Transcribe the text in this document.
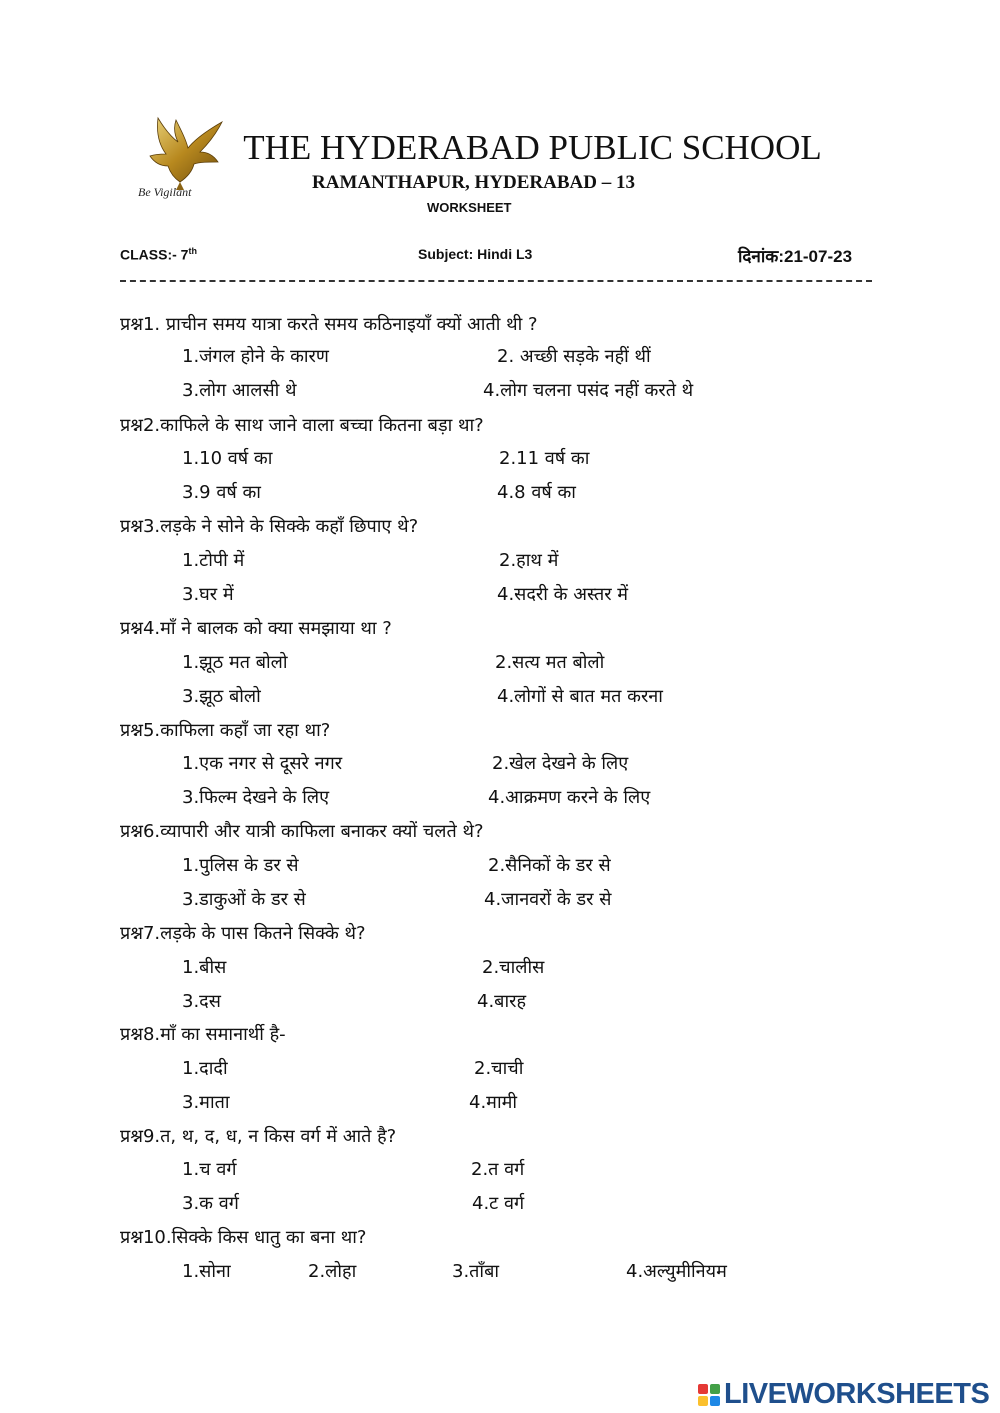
Be Vigilant
THE HYDERABAD PUBLIC SCHOOL
RAMANTHAPUR, HYDERABAD – 13
WORKSHEET
CLASS:- 7th	Subject: Hindi L3	दिनांक:21-07-23
प्रश्न1. प्राचीन समय यात्रा करते समय कठिनाइयाँ क्यों आती थी ?
1.जंगल होने के कारण	2. अच्छी सड़के नहीं थीं
3.लोग आलसी थे	4.लोग चलना पसंद नहीं करते थे
प्रश्न2.काफिले के साथ जाने वाला बच्चा कितना बड़ा था?
1.10 वर्ष का	2.11 वर्ष का
3.9 वर्ष का	4.8 वर्ष का
प्रश्न3.लड़के ने सोने के सिक्के कहाँ छिपाए थे?
1.टोपी में	2.हाथ में
3.घर में	4.सदरी के अस्तर में
प्रश्न4.माँ ने बालक को क्या समझाया था ?
1.झूठ मत बोलो	2.सत्य मत बोलो
3.झूठ बोलो	4.लोगों से बात मत करना
प्रश्न5.काफिला कहाँ जा रहा था?
1.एक नगर से दूसरे नगर	2.खेल देखने के लिए
3.फिल्म देखने के लिए	4.आक्रमण करने के लिए
प्रश्न6.व्यापारी और यात्री काफिला बनाकर क्यों चलते थे?
1.पुलिस के डर से	2.सैनिकों के डर से
3.डाकुओं के डर से	4.जानवरों के डर से
प्रश्न7.लड़के के पास कितने सिक्के थे?
1.बीस	2.चालीस
3.दस	4.बारह
प्रश्न8.माँ का समानार्थी है-
1.दादी	2.चाची
3.माता	4.मामी
प्रश्न9.त, थ, द, ध, न किस वर्ग में आते है?
1.च वर्ग	2.त वर्ग
3.क वर्ग	4.ट वर्ग
प्रश्न10.सिक्के किस धातु का बना था?
1.सोना	2.लोहा	3.ताँबा	4.अल्युमीनियम
LIVEWORKSHEETS
